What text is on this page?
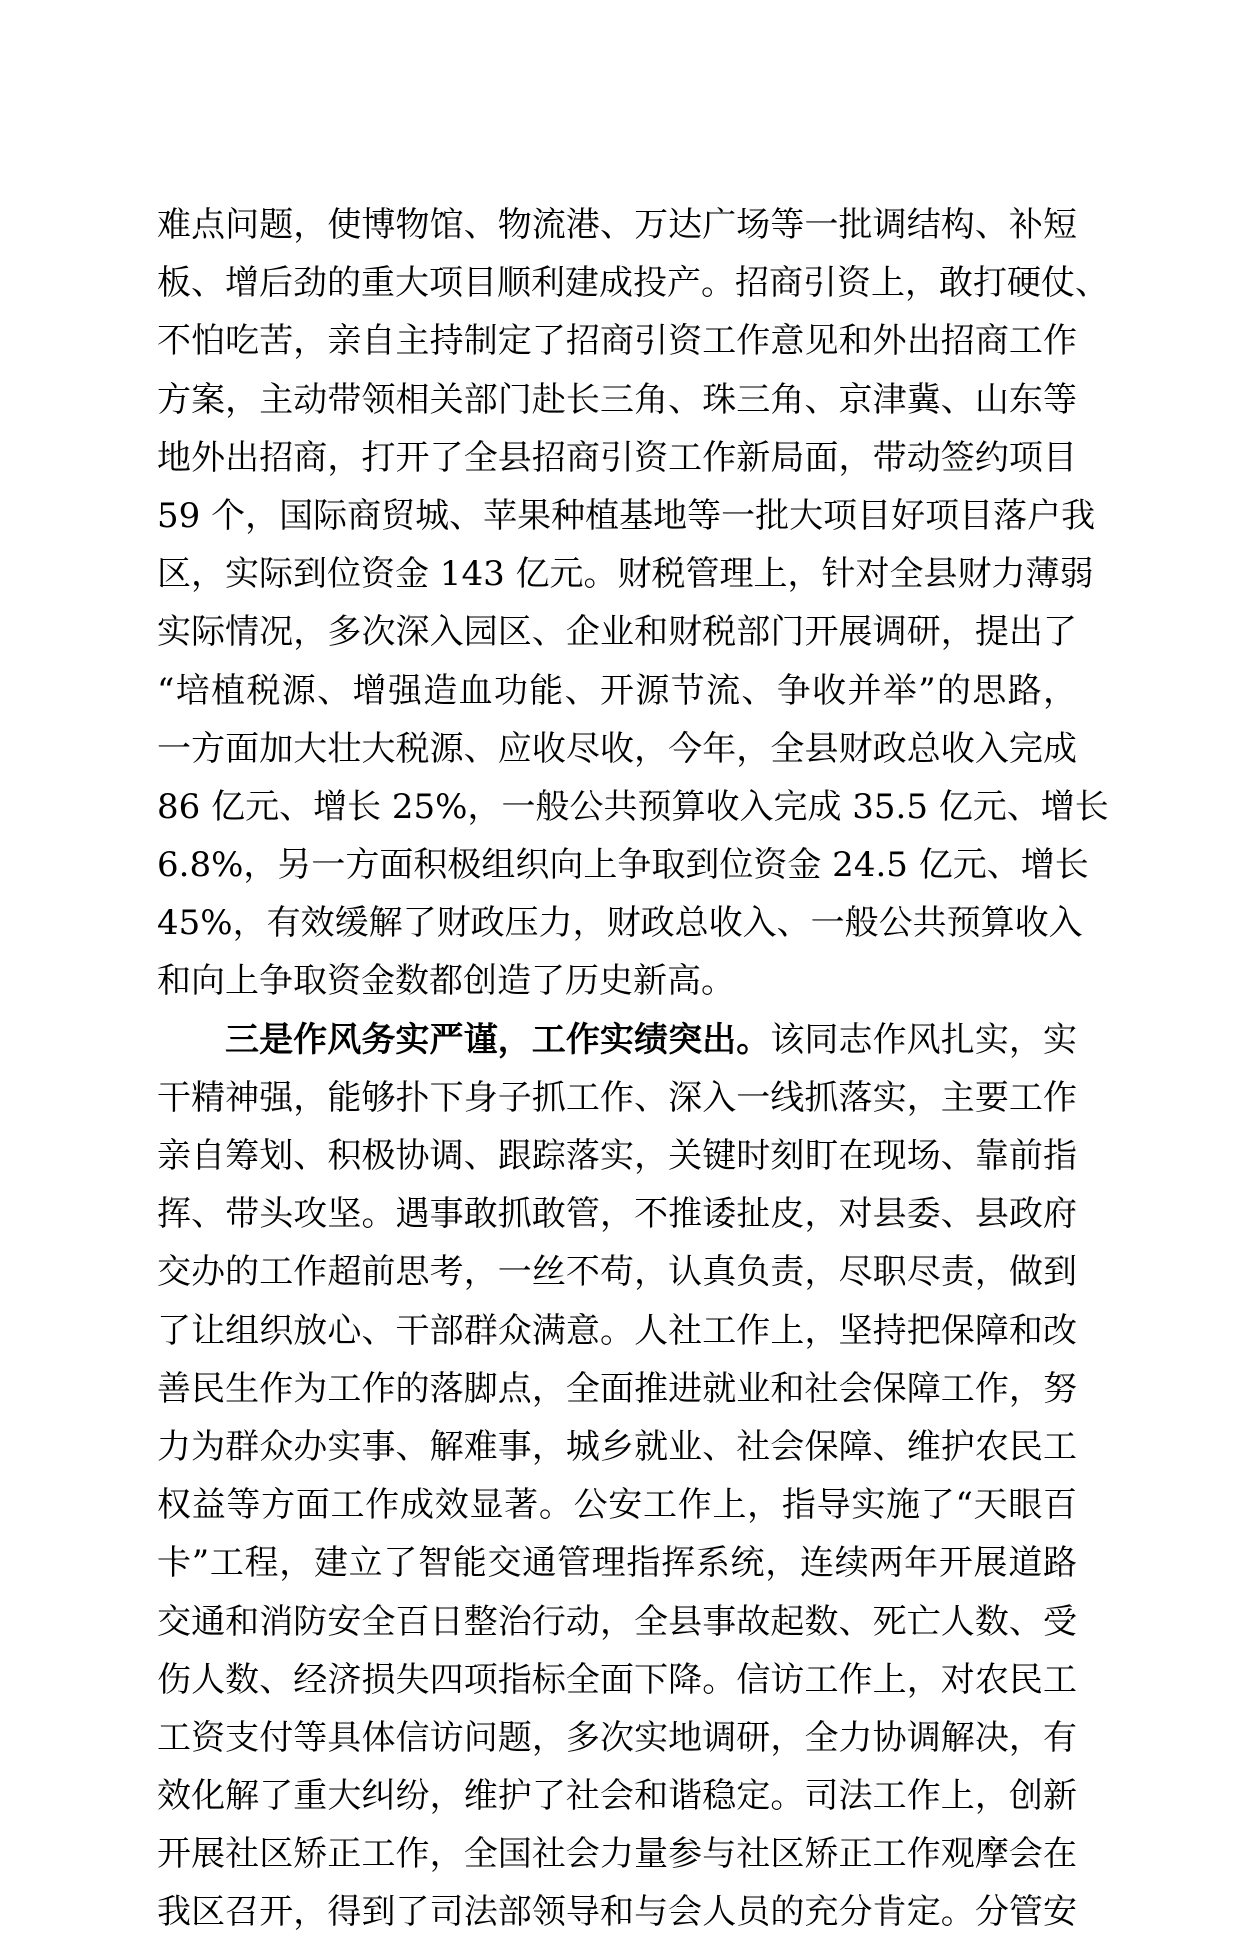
难点问题，使博物馆、物流港、万达广场等一批调结构、补短
板、增后劲的重大项目顺利建成投产。招商引资上，敢打硬仗、
不怕吃苦，亲自主持制定了招商引资工作意见和外出招商工作
方案，主动带领相关部门赴长三角、珠三角、京津冀、山东等
地外出招商，打开了全县招商引资工作新局面，带动签约项目
59 个，国际商贸城、苹果种植基地等一批大项目好项目落户我
区，实际到位资金 143 亿元。财税管理上，针对全县财力薄弱
实际情况，多次深入园区、企业和财税部门开展调研，提出了
“培植税源、增强造血功能、开源节流、争收并举”的思路，
一方面加大壮大税源、应收尽收，今年，全县财政总收入完成
86 亿元、增长 25%，一般公共预算收入完成 35.5 亿元、增长
6.8%，另一方面积极组织向上争取到位资金 24.5 亿元、增长
45%，有效缓解了财政压力，财政总收入、一般公共预算收入
和向上争取资金数都创造了历史新高。
三是作风务实严谨，工作实绩突出。该同志作风扎实，实
干精神强，能够扑下身子抓工作、深入一线抓落实，主要工作
亲自筹划、积极协调、跟踪落实，关键时刻盯在现场、靠前指
挥、带头攻坚。遇事敢抓敢管，不推诿扯皮，对县委、县政府
交办的工作超前思考，一丝不苟，认真负责，尽职尽责，做到
了让组织放心、干部群众满意。人社工作上，坚持把保障和改
善民生作为工作的落脚点，全面推进就业和社会保障工作，努
力为群众办实事、解难事，城乡就业、社会保障、维护农民工
权益等方面工作成效显著。公安工作上，指导实施了“天眼百
卡”工程，建立了智能交通管理指挥系统，连续两年开展道路
交通和消防安全百日整治行动，全县事故起数、死亡人数、受
伤人数、经济损失四项指标全面下降。信访工作上，对农民工
工资支付等具体信访问题，多次实地调研，全力协调解决，有
效化解了重大纠纷，维护了社会和谐稳定。司法工作上，创新
开展社区矫正工作，全国社会力量参与社区矫正工作观摩会在
我区召开，得到了司法部领导和与会人员的充分肯定。分管安
